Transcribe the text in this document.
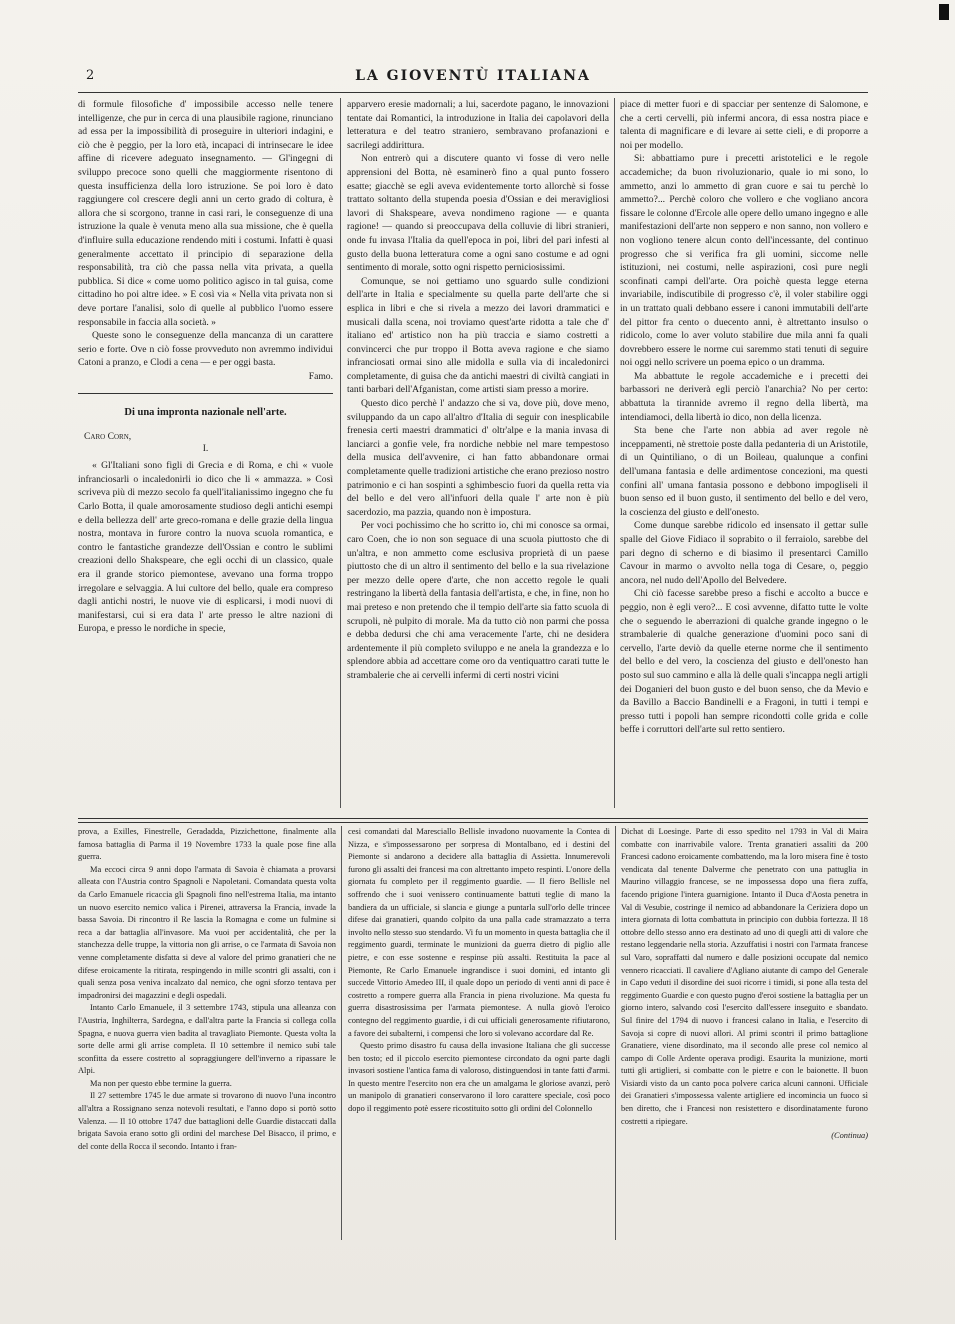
2	LA GIOVENTÙ ITALIANA

di formule filosofiche d' impossibile accesso nelle tenere intelligenze, che pur in cerca di una plausibile ragione, rinunciano ad essa per la impossibilità di proseguire in ulteriori indagini, e ciò che è peggio, per la loro età, incapaci di intrinsecare le idee affine di ricevere adeguato insegnamento. — Gl'ingegni di sviluppo precoce sono quelli che maggiormente risentono di questa insufficienza della loro istruzione. Se poi loro è dato raggiungere col crescere degli anni un certo grado di coltura, è allora che si scorgono, tranne in casi rari, le conseguenze di una istruzione la quale è venuta meno alla sua missione, che è quella d'influire sulla educazione rendendo miti i costumi. Infatti è quasi generalmente accettato il principio di separazione della responsabilità, tra ciò che passa nella vita privata, a quella pubblica. Si dice « come uomo politico agisco in tal guisa, come cittadino ho poi altre idee. » E così via « Nella vita privata non si deve portare l'analisi, solo di quelle al pubblico l'uomo essere responsabile in faccia alla società. »

Queste sono le conseguenze della mancanza di un carattere serio e forte. Ove n ciò fosse provveduto non avremmo individui Catoni a pranzo, e Clodi a cena — e per oggi basta.

Famo.
Di una impronta nazionale nell'arte.
Caro Corn,
I.

« Gl'Italiani sono figli di Grecia e di Roma, e chi « vuole infranciosarli o incaledonirli io dico che li « ammazza. » Così scriveva più di mezzo secolo fa quell'italianissimo ingegno che fu Carlo Botta, il quale amorosamente studioso degli antichi esempi e della bellezza dell' arte greco-romana e delle grazie della lingua nostra, montava in furore contro la nuova scuola romantica, e contro le fantastiche grandezze dell'Ossian e contro le sublimi creazioni dello Shakspeare, che egli occhi di un classico, quale era il grande storico piemontese, avevano una forma troppo irregolare e selvaggia. A lui cultore del bello, quale era compreso dagli antichi nostri, le nuove vie di esplicarsi, i modi nuovi di manifestarsi, cui si era data l' arte presso le altre nazioni di Europa, e presso le nordiche in specie,

apparvero eresie madornali; a lui, sacerdote pagano, le innovazioni tentate dai Romantici, la introduzione in Italia dei capolavori della letteratura e del teatro straniero, sembravano profanazioni e sacrilegi addirittura.

Non entrerò qui a discutere quanto vi fosse di vero nelle apprensioni del Botta, nè esaminerò fino a qual punto fossero esatte; giacchè se egli aveva evidentemente torto allorchè si fosse trattato soltanto della stupenda poesia d'Ossian e dei meravigliosi lavori di Shakspeare, aveva nondimeno ragione — e quanta ragione! — quando si preoccupava della colluvie di libri stranieri, onde fu invasa l'Italia da quell'epoca in poi, libri del pari infesti al gusto della buona letteratura come a ogni sano costume e ad ogni sentimento di morale, sotto ogni rispetto perniciosissimi.

Comunque, se noi gettiamo uno sguardo sulle condizioni dell'arte in Italia e specialmente su quella parte dell'arte che si esplica in libri e che si rivela a mezzo dei lavori drammatici e musicali dalla scena, noi troviamo quest'arte ridotta a tale che d' italiano ed' artistico non ha più traccia e siamo costretti a convincerci che pur troppo il Botta aveva ragione e che siamo infranciosati ormai sino alle midolla e sulla via di incaledonirci completamente, di guisa che da antichi maestri di civiltà cangiati in tanti barbari dell'Afganistan, come artisti siam presso a morire.

Questo dico perchè l' andazzo che si va, dove più, dove meno, sviluppando da un capo all'altro d'Italia di seguir con inesplicabile frenesia certi maestri drammatici d' oltr'alpe e la mania invasa di lanciarci a gonfie vele, fra nordiche nebbie nel mare tempestoso della musica dell'avvenire, ci han fatto abbandonare ormai completamente quelle tradizioni artistiche che erano prezioso nostro patrimonio e ci han sospinti a sghimbescio fuori da quella retta via del bello e del vero all'infuori della quale l' arte non è più sacerdozio, ma pazzia, quando non è impostura.

Per voci pochissimo che ho scritto io, chi mi conosce sa ormai, caro Coen, che io non son seguace di una scuola piuttosto che di un'altra, e non ammetto come esclusiva proprietà di un paese piuttosto che di un altro il sentimento del bello e la sua rivelazione per mezzo delle opere d'arte, che non accetto regole le quali restringano la libertà della fantasia dell'artista, e che, in fine, non ho mai preteso e non pretendo che il tempio dell'arte sia fatto scuola di scrupoli, nè pulpito di morale. Ma da tutto ciò non parmi che possa e debba dedursi che chi ama veracemente l'arte, chi ne desidera ardentemente il più completo sviluppo e ne anela la grandezza e lo splendore abbia ad accettare come oro da ventiquattro carati tutte le strambalerie che ai cervelli infermi di certi nostri vicini

piace di metter fuori e di spacciar per sentenze di Salomone, e che a certi cervelli, più infermi ancora, di essa nostra piace e talenta di magnificare e di levare ai sette cieli, e di proporre a noi per modello.

Si: abbattiamo pure i precetti aristotelici e le regole accademiche; da buon rivoluzionario, quale io mi sono, lo ammetto, anzi lo ammetto di gran cuore e sai tu perchè lo ammetto?... Perchè coloro che vollero e che vogliano ancora fissare le colonne d'Ercole alle opere dello umano ingegno e alle manifestazioni dell'arte non seppero e non sanno, non vollero e non vogliono tenere alcun conto dell'incessante, del continuo progresso che si verifica fra gli uomini, siccome nelle istituzioni, nei costumi, nelle aspirazioni, così pure negli sconfinati campi dell'arte. Ora poichè questa legge eterna invariabile, indiscutibile di progresso c'è, il voler stabilire oggi in un trattato quali debbano essere i canoni immutabili dell'arte del pittor fra cento o duecento anni, è altrettanto insulso o ridicolo, come lo aver voluto stabilire due mila anni fa quali dovrebbero essere le norme cui saremmo stati tenuti di seguire noi oggi nello scrivere un poema epico o un dramma.

Ma abbattute le regole accademiche e i precetti dei barbassori ne deriverà egli perciò l'anarchia? No per certo: abbattuta la tirannide avremo il regno della libertà, ma intendiamoci, della libertà io dico, non della licenza.

Sta bene che l'arte non abbia ad aver regole nè inceppamenti, nè strettoie poste dalla pedanteria di un Aristotile, di un Quintiliano, o di un Boileau, qualunque a confini dell'umana fantasia e delle ardimentose concezioni, ma questi confini all' umana fantasia possono e debbono impogliseli il buon senso ed il buon gusto, il sentimento del bello e del vero, la coscienza del giusto e dell'onesto.

Come dunque sarebbe ridicolo ed insensato il gettar sulle spalle del Giove Fidiaco il soprabito o il ferraiolo, sarebbe del pari degno di scherno e di biasimo il presentarci Camillo Cavour in marmo o avvolto nella toga di Cesare, o, peggio ancora, nel nudo dell'Apollo del Belvedere.

Chi ciò facesse sarebbe preso a fischi e accolto a bucce e peggio, non è egli vero?... E così avvenne, difatto tutte le volte che o seguendo le aberrazioni di qualche grande ingegno o le strambalerie di qualche generazione d'uomini poco sani di cervello, l'arte deviò da quelle eterne norme che il sentimento del bello e del vero, la coscienza del giusto e dell'onesto han posto sul suo cammino e alla là delle quali s'incappa negli artigli dei Doganieri del buon gusto e del buon senso, che da Mevio e da Bavillo a Baccio Bandinelli e a Fragoni, in tutti i tempi e presso tutti i popoli han sempre ricondotti colle grida e colle beffe i corruttori dell'arte sul retto sentiero.

prova, a Exilles, Finestrelle, Geradadda, Pizzichettone, finalmente alla famosa battaglia di Parma il 19 Novembre 1733 la quale pose fine alla guerra.

Ma eccoci circa 9 anni dopo l'armata di Savoia è chiamata a provarsi alleata con l'Austria contro Spagnoli e Napoletani. Comandata questa volta da Carlo Emanuele ricaccia gli Spagnoli fino nell'estrema Italia, ma intanto un nuovo esercito nemico valica i Pirenei, attraversa la Francia, invade la bassa Savoia. Di rincontro il Re lascia la Romagna e come un fulmine si reca a dar battaglia all'invasore. Ma vuoi per accidentalità, che per la stanchezza delle truppe, la vittoria non gli arrise, o ce l'armata di Savoia non venne completamente disfatta si deve al valore del primo granatieri che ne difese eroicamente la ritirata, respingendo in mille scontri gli assalti, con i quali senza posa veniva incalzato dal nemico, che ogni sforzo tentava per impadronirsi dei magazzini e degli ospedali.

Intanto Carlo Emanuele, il 3 settembre 1743, stipula una alleanza con l'Austria, Inghilterra, Sardegna, e dall'altra parte la Francia si collega colla Spagna, e nuova guerra vien badita al travagliato Piemonte. Questa volta la sorte delle armi gli arrise completa. Il 10 settembre il nemico subì tale sconfitta da essere costretto al sopraggiungere dell'inverno a ripassare le Alpi.

Ma non per questo ebbe termine la guerra.

Il 27 settembre 1745 le due armate si trovarono di nuovo l'una incontro all'altra a Rossignano senza notevoli resultati, e l'anno dopo si portò sotto Valenza. — Il 10 ottobre 1747 due battaglioni delle Guardie distaccati dalla brigata Savoia erano sotto gli ordini del marchese Del Bisacco, il primo, e del conte della Rocca il secondo. Intanto i fran-

cesi comandati dal Maresciallo Bellisle invadono nuovamente la Contea di Nizza, e s'impossessarono per sorpresa di Montalbano, ed i destini del Piemonte si andarono a decidere alla battaglia di Assietta. Innumerevoli furono gli assalti dei francesi ma con altrettanto impeto respinti. L'onore della giornata fu completo per il reggimento guardie. — Il fiero Bellisle nel soffrendo che i suoi venissero continuamente battuti teglie di mano la bandiera da un ufficiale, si slancia e giunge a puntarla sull'orlo delle trincee difese dai granatieri, quando colpito da una palla cade stramazzato a terra involto nello stesso suo stendardo. Vi fu un momento in questa battaglia che il reggimento guardi, terminate le munizioni da guerra dietro di piglio alle pietre, e con esse sostenne e respinse più assalti. Restituita la pace al Piemonte, Re Carlo Emanuele ingrandisce i suoi domini, ed intanto gli succede Vittorio Amedeo III, il quale dopo un periodo di venti anni di pace è costretto a rompere guerra alla Francia in piena rivoluzione. Ma questa fu guerra disastrosissima per l'armata piemontese. A nulla giovò l'eroico contegno del reggimento guardie, i di cui ufficiali generosamente rifiutarono, a favore dei subalterni, i compensi che loro si volevano accordare dal Re.

Questo primo disastro fu causa della invasione Italiana che gli successe ben tosto; ed il piccolo esercito piemontese circondato da ogni parte dagli invasori sostiene l'antica fama di valoroso, distinguendosi in tante fatti d'armi. In questo mentre l'esercito non era che un amalgama le gloriose avanzi, però un manipolo di granatieri conservarono il loro carattere speciale, così poco dopo il reggimento potè essere ricostituito sotto gli ordini del Colonnello

Dichat di Loesinge. Parte di esso spedito nel 1793 in Val di Maira combatte con inarrivabile valore. Trenta granatieri assaliti da 200 Francesi cadono eroicamente combattendo, ma la loro misera fine è tosto vendicata dal tenente Dalverme che penetrato con una pattuglia in Maurino villaggio francese, se ne impossessa dopo una fiera zuffa, facendo prigione l'intera guarnigione. Intanto il Duca d'Aosta penetra in Val di Vesubie, costringe il nemico ad abbandonare la Ceriziera dopo un intera giornata di lotta combattuta in principio con dubbia fortezza. Il 18 ottobre dello stesso anno era destinato ad uno di quegli atti di valore che restano leggendarie nella storia. Azzuffatisi i nostri con l'armata francese sul Varo, sopraffatti dal numero e dalle posizioni occupate dal nemico vennero ricacciati. Il cavaliere d'Agliano aiutante di campo del Generale in Capo veduti il disordine dei suoi ricorre i timidi, si pone alla testa del reggimento Guardie e con questo pugno d'eroi sostiene la battaglia per un giorno intero, salvando così l'esercito dall'essere inseguito e sbandato. Sul finire del 1794 di nuovo i francesi calano in Italia, e l'esercito di Savoja si copre di nuovi allori. Al primi scontri il primo battaglione Granatiere, viene disordinato, ma il secondo alle prese col nemico al campo di Colle Ardente operava prodigi. Esaurita la munizione, morti tutti gli artiglieri, si combatte con le pietre e con le baionette. Il buon Visiardi visto da un canto poca polvere carica alcuni cannoni. Ufficiale dei Granatieri s'impossessa valente artigliere ed incomincia un fuoco sì ben diretto, che i Francesi non resistettero e disordinatamente furono costretti a ripiegare.

(Continua)
